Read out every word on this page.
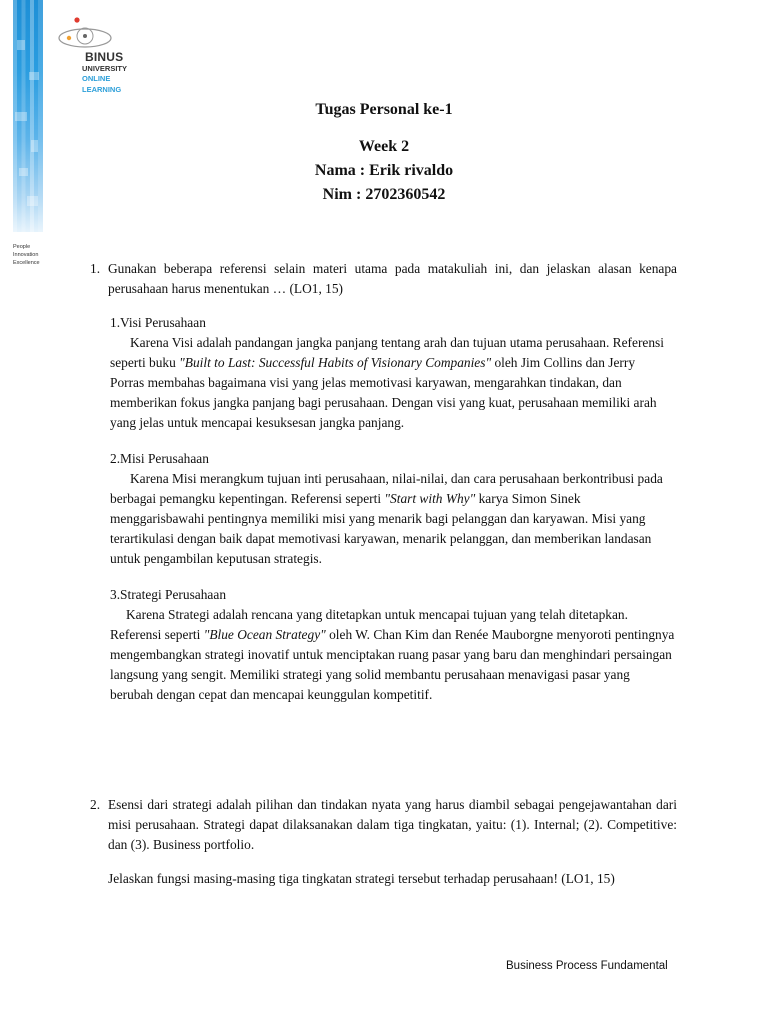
People
Innovation
Excellence
BINUS
UNIVERSITY
ONLINE
LEARNING
Tugas Personal ke-1
Week 2
Nama : Erik rivaldo
Nim : 2702360542
1. Gunakan beberapa referensi selain materi utama pada matakuliah ini, dan jelaskan alasan kenapa perusahaan harus menentukan … (LO1, 15)
1.Visi Perusahaan
Karena Visi adalah pandangan jangka panjang tentang arah dan tujuan utama perusahaan. Referensi seperti buku "Built to Last: Successful Habits of Visionary Companies" oleh Jim Collins dan Jerry Porras membahas bagaimana visi yang jelas memotivasi karyawan, mengarahkan tindakan, dan memberikan fokus jangka panjang bagi perusahaan. Dengan visi yang kuat, perusahaan memiliki arah yang jelas untuk mencapai kesuksesan jangka panjang.
2.Misi Perusahaan
Karena Misi merangkum tujuan inti perusahaan, nilai-nilai, dan cara perusahaan berkontribusi pada berbagai pemangku kepentingan. Referensi seperti "Start with Why" karya Simon Sinek menggarisbawahi pentingnya memiliki misi yang menarik bagi pelanggan dan karyawan. Misi yang terartikulasi dengan baik dapat memotivasi karyawan, menarik pelanggan, dan memberikan landasan untuk pengambilan keputusan strategis.
3.Strategi Perusahaan
Karena Strategi adalah rencana yang ditetapkan untuk mencapai tujuan yang telah ditetapkan. Referensi seperti "Blue Ocean Strategy" oleh W. Chan Kim dan Renée Mauborgne menyoroti pentingnya mengembangkan strategi inovatif untuk menciptakan ruang pasar yang baru dan menghindari persaingan langsung yang sengit. Memiliki strategi yang solid membantu perusahaan menavigasi pasar yang berubah dengan cepat dan mencapai keunggulan kompetitif.
2. Esensi dari strategi adalah pilihan dan tindakan nyata yang harus diambil sebagai pengejawantahan dari misi perusahaan. Strategi dapat dilaksanakan dalam tiga tingkatan, yaitu: (1). Internal; (2). Competitive: dan (3). Business portfolio.
Jelaskan fungsi masing-masing tiga tingkatan strategi tersebut terhadap perusahaan! (LO1, 15)
Business Process Fundamental
